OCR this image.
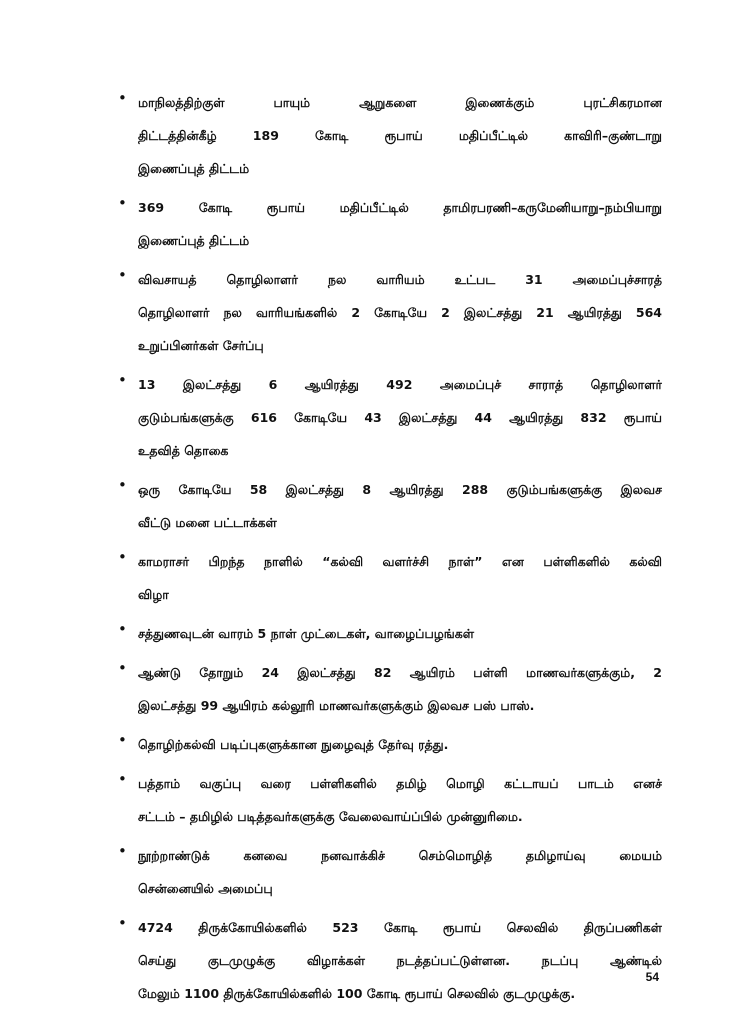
• மாநிலத்திற்குள் பாயும் ஆறுகளை இணைக்கும் புரட்சிகரமான
திட்டத்தின்கீழ் 189 கோடி ரூபாய் மதிப்பீட்டில் காவிரி–குண்டாறு
இணைப்புத் திட்டம்
• 369 கோடி ரூபாய் மதிப்பீட்டில் தாமிரபரணி–கருமேனியாறு–நம்பியாறு
இணைப்புத் திட்டம்
• விவசாயத் தொழிலாளர் நல வாரியம் உட்பட 31 அமைப்புச்சாரத்
தொழிலாளர் நல வாரியங்களில் 2 கோடியே 2 இலட்சத்து 21 ஆயிரத்து 564
உறுப்பினர்கள் சேர்ப்பு
• 13 இலட்சத்து 6 ஆயிரத்து 492 அமைப்புச் சாராத் தொழிலாளர்
குடும்பங்களுக்கு 616 கோடியே 43 இலட்சத்து 44 ஆயிரத்து 832 ரூபாய்
உதவித் தொகை
• ஒரு கோடியே 58 இலட்சத்து 8 ஆயிரத்து 288 குடும்பங்களுக்கு இலவச
வீட்டு மனை பட்டாக்கள்
• காமராசர் பிறந்த நாளில் “கல்வி வளர்ச்சி நாள்” என பள்ளிகளில் கல்வி
விழா
• சத்துணவுடன் வாரம் 5 நாள் முட்டைகள், வாழைப்பழங்கள்
• ஆண்டு தோறும் 24 இலட்சத்து 82 ஆயிரம் பள்ளி மாணவர்களுக்கும், 2
இலட்சத்து 99 ஆயிரம் கல்லூரி மாணவர்களுக்கும் இலவச பஸ் பாஸ்.
• தொழிற்கல்வி படிப்புகளுக்கான நுழைவுத் தேர்வு ரத்து.
• பத்தாம் வகுப்பு வரை பள்ளிகளில் தமிழ் மொழி கட்டாயப் பாடம் எனச்
சட்டம் – தமிழில் படித்தவர்களுக்கு வேலைவாய்ப்பில் முன்னுரிமை.
• நூற்றாண்டுக் கனவை நனவாக்கிச் செம்மொழித் தமிழாய்வு மையம்
சென்னையில் அமைப்பு
• 4724 திருக்கோயில்களில் 523 கோடி ரூபாய் செலவில் திருப்பணிகள்
செய்து குடமுழுக்கு விழாக்கள் நடத்தப்பட்டுள்ளன. நடப்பு ஆண்டில்
மேலும் 1100 திருக்கோயில்களில் 100 கோடி ரூபாய் செலவில் குடமுழுக்கு.
54
